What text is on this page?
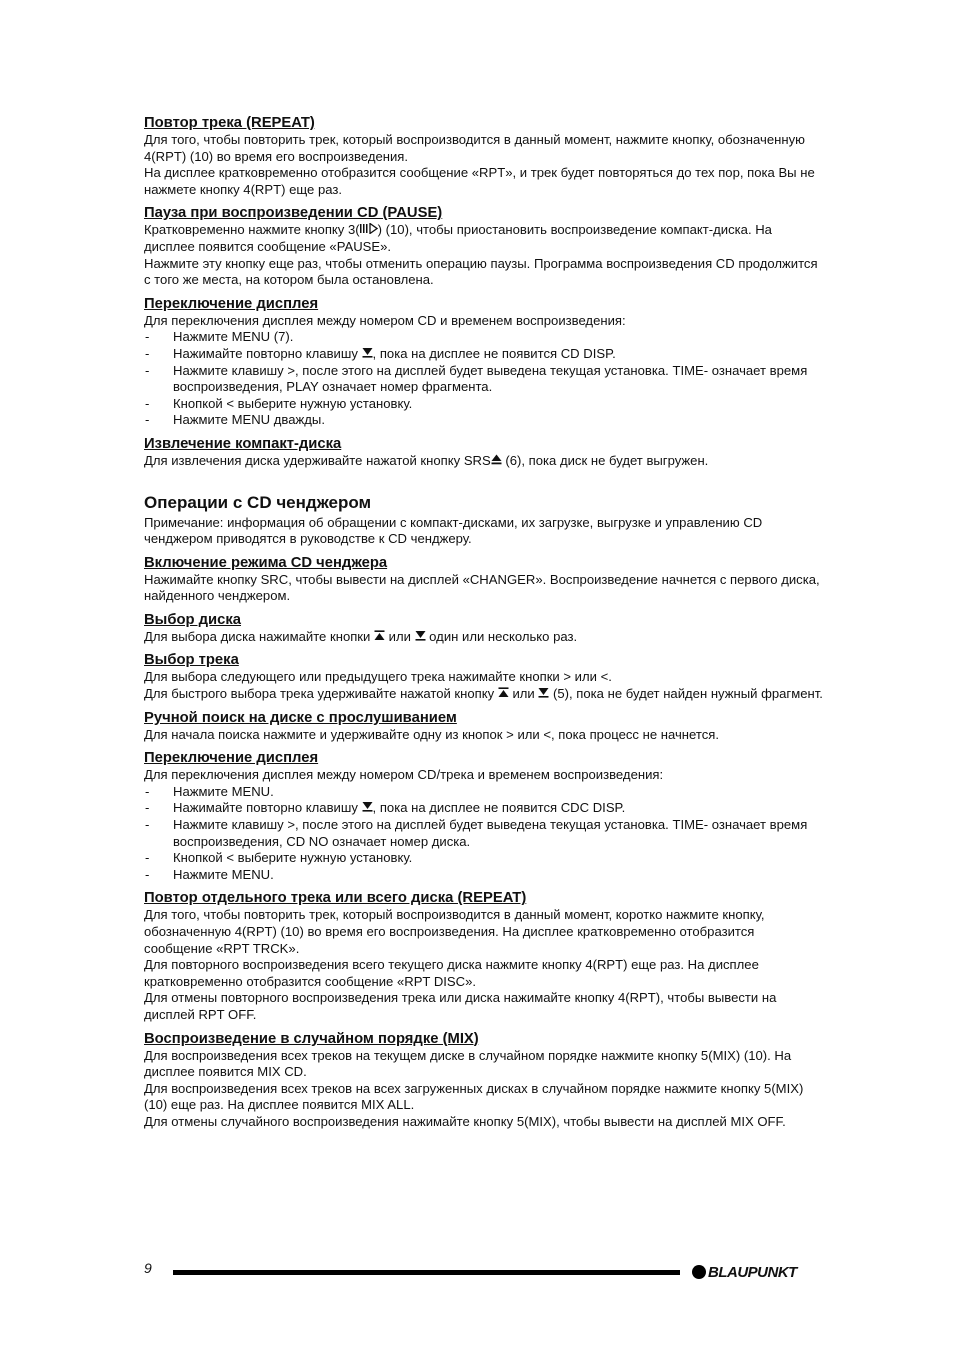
Повтор трека (REPEAT)

Для того, чтобы повторить трек, который воспроизводится в данный момент, нажмите кнопку, обозначенную 4(RPT) (10) во время его воспроизведения.

На дисплее кратковременно отобразится сообщение «RPT», и трек будет повторяться до тех пор, пока Вы не нажмете кнопку 4(RPT) еще раз.

Пауза при воспроизведении CD (PAUSE)

Кратковременно нажмите кнопку 3( ) (10), чтобы приостановить воспроизведение компакт-диска. На дисплее появится сообщение «PAUSE».

Нажмите эту кнопку еще раз, чтобы отменить операцию паузы. Программа воспроизведения CD продолжится с того же места, на котором была остановлена.

Переключение дисплея

Для переключения дисплея между номером CD и временем воспроизведения:

- Нажмите MENU (7).
- Нажимайте повторно клавишу , пока на дисплее не появится CD DISP.
- Нажмите клавишу >, после этого на дисплей будет выведена текущая установка. TIME- означает время воспроизведения, PLAY означает номер фрагмента.
- Кнопкой < выберите нужную установку.
- Нажмите MENU дважды.
Извлечение компакт-диска

Для извлечения диска удерживайте нажатой кнопку SRS (6), пока диск не будет выгружен.

Операции с CD ченджером

Примечание: информация об обращении с компакт-дисками, их загрузке, выгрузке и управлению CD ченджером приводятся в руководстве к CD ченджеру.

Включение режима CD ченджера

Нажимайте кнопку SRC, чтобы вывести на дисплей «CHANGER». Воспроизведение начнется с первого диска, найденного ченджером.

Выбор диска

Для выбора диска нажимайте кнопки  или  один или несколько раз.

Выбор трека

Для выбора следующего или предыдущего трека нажимайте кнопки > или <.

Для быстрого выбора трека удерживайте нажатой кнопку  или  (5), пока не будет найден нужный фрагмент.

Ручной поиск на диске с прослушиванием

Для начала поиска нажмите и удерживайте одну из кнопок > или <, пока процесс не начнется.

Переключение дисплея

Для переключения дисплея между номером CD/трека и временем воспроизведения:

- Нажмите MENU.
- Нажимайте повторно клавишу , пока на дисплее не появится CDC DISP.
- Нажмите клавишу >, после этого на дисплей будет выведена текущая установка. TIME- означает время воспроизведения, CD NO означает номер диска.
- Кнопкой < выберите нужную установку.
- Нажмите MENU.
Повтор отдельного трека или всего диска (REPEAT)

Для того, чтобы повторить трек, который воспроизводится в данный момент, коротко нажмите кнопку, обозначенную 4(RPT) (10) во время его воспроизведения. На дисплее кратковременно отобразится сообщение «RPT TRCK».

Для повторного воспроизведения всего текущего диска нажмите кнопку 4(RPT) еще раз. На дисплее кратковременно отобразится сообщение «RPT DISC».

Для отмены повторного воспроизведения трека или диска нажимайте кнопку 4(RPT), чтобы вывести на дисплей RPT OFF.

Воспроизведение в случайном порядке (MIX)

Для воспроизведения всех треков на текущем диске в случайном порядке нажмите кнопку 5(MIX) (10). На дисплее появится MIX CD.

Для воспроизведения всех треков на всех загруженных дисках в случайном порядке нажмите кнопку 5(MIX) (10) еще раз. На дисплее появится MIX ALL.

Для отмены случайного воспроизведения нажимайте кнопку 5(MIX), чтобы вывести на дисплей MIX OFF.

9	BLAUPUNKT
